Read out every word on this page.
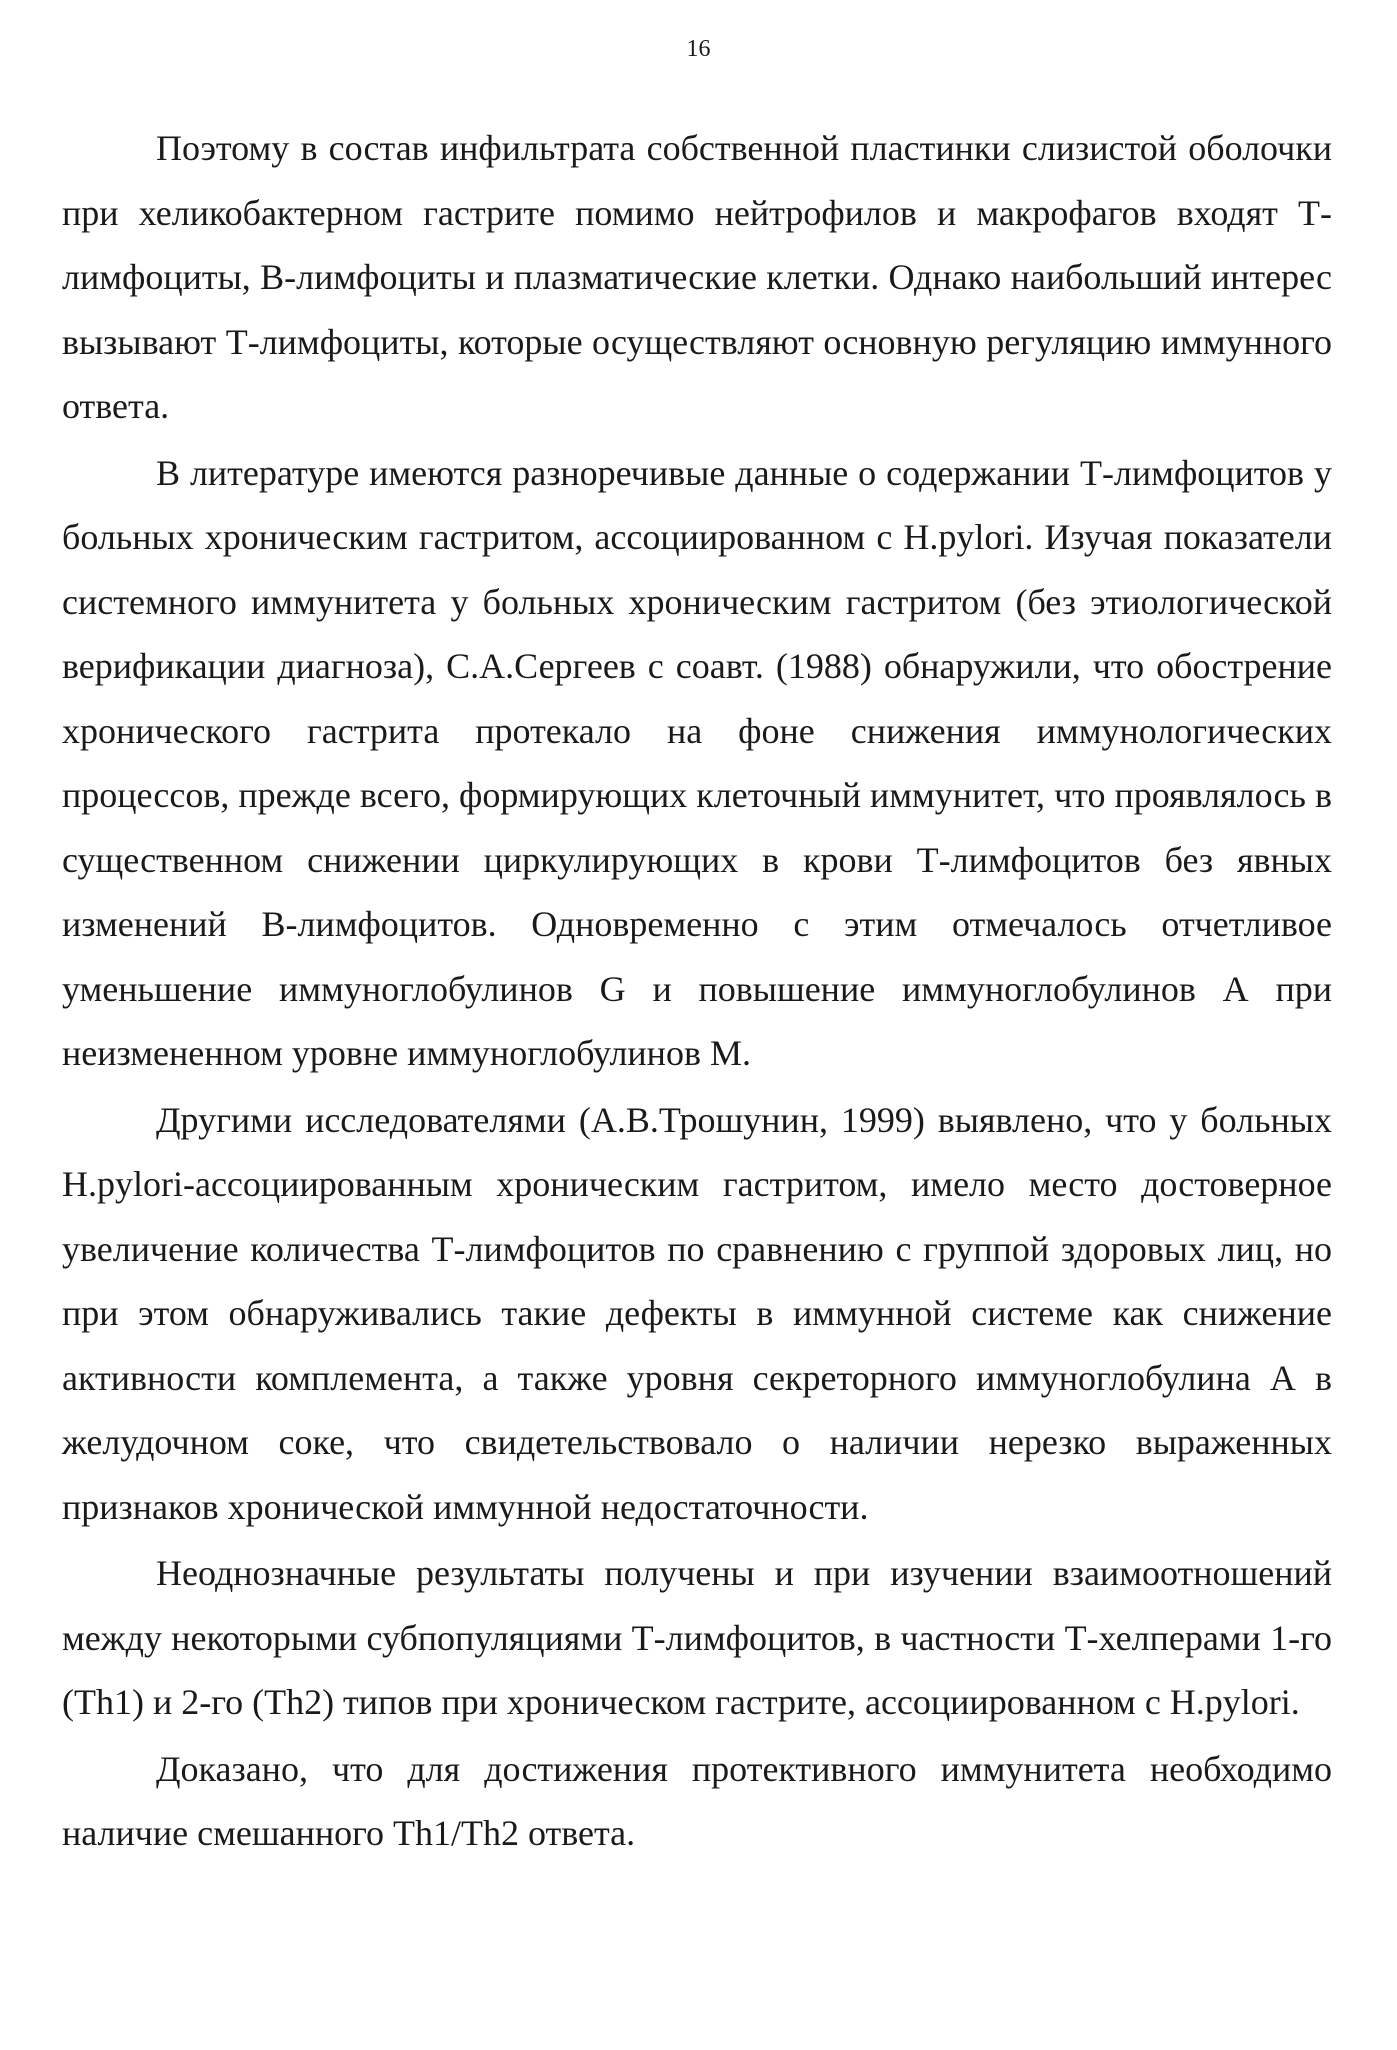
16

Поэтому в состав инфильтрата собственной пластинки слизистой оболочки при хеликобактерном гастрите помимо нейтрофилов и макрофагов входят Т-лимфоциты, В-лимфоциты и плазматические клетки. Однако наибольший интерес вызывают Т-лимфоциты, которые осуществляют основную регуляцию иммунного ответа.

В литературе имеются разноречивые данные о содержании Т-лимфоцитов у больных хроническим гастритом, ассоциированном с H.pylori. Изучая показатели системного иммунитета у больных хроническим гастритом (без этиологической верификации диагноза), С.А.Сергеев с соавт. (1988) обнаружили, что обострение хронического гастрита протекало на фоне снижения иммунологических процессов, прежде всего, формирующих клеточный иммунитет, что проявлялось в существенном снижении циркулирующих в крови Т-лимфоцитов без явных изменений В-лимфоцитов. Одновременно с этим отмечалось отчетливое уменьшение иммуноглобулинов G и повышение иммуноглобулинов А при неизмененном уровне иммуноглобулинов М.

Другими исследователями (А.В.Трошунин, 1999) выявлено, что у больных H.pylori-ассоциированным хроническим гастритом, имело место достоверное увеличение количества Т-лимфоцитов по сравнению с группой здоровых лиц, но при этом обнаруживались такие дефекты в иммунной системе как снижение активности комплемента, а также уровня секреторного иммуноглобулина А в желудочном соке, что свидетельствовало о наличии нерезко выраженных признаков хронической иммунной недостаточности.

Неоднозначные результаты получены и при изучении взаимоотношений между некоторыми субпопуляциями Т-лимфоцитов, в частности Т-хелперами 1-го (Th1) и 2-го (Th2) типов при хроническом гастрите, ассоциированном с H.pylori.

Доказано, что для достижения протективного иммунитета необходимо наличие смешанного Th1/Th2 ответа.
